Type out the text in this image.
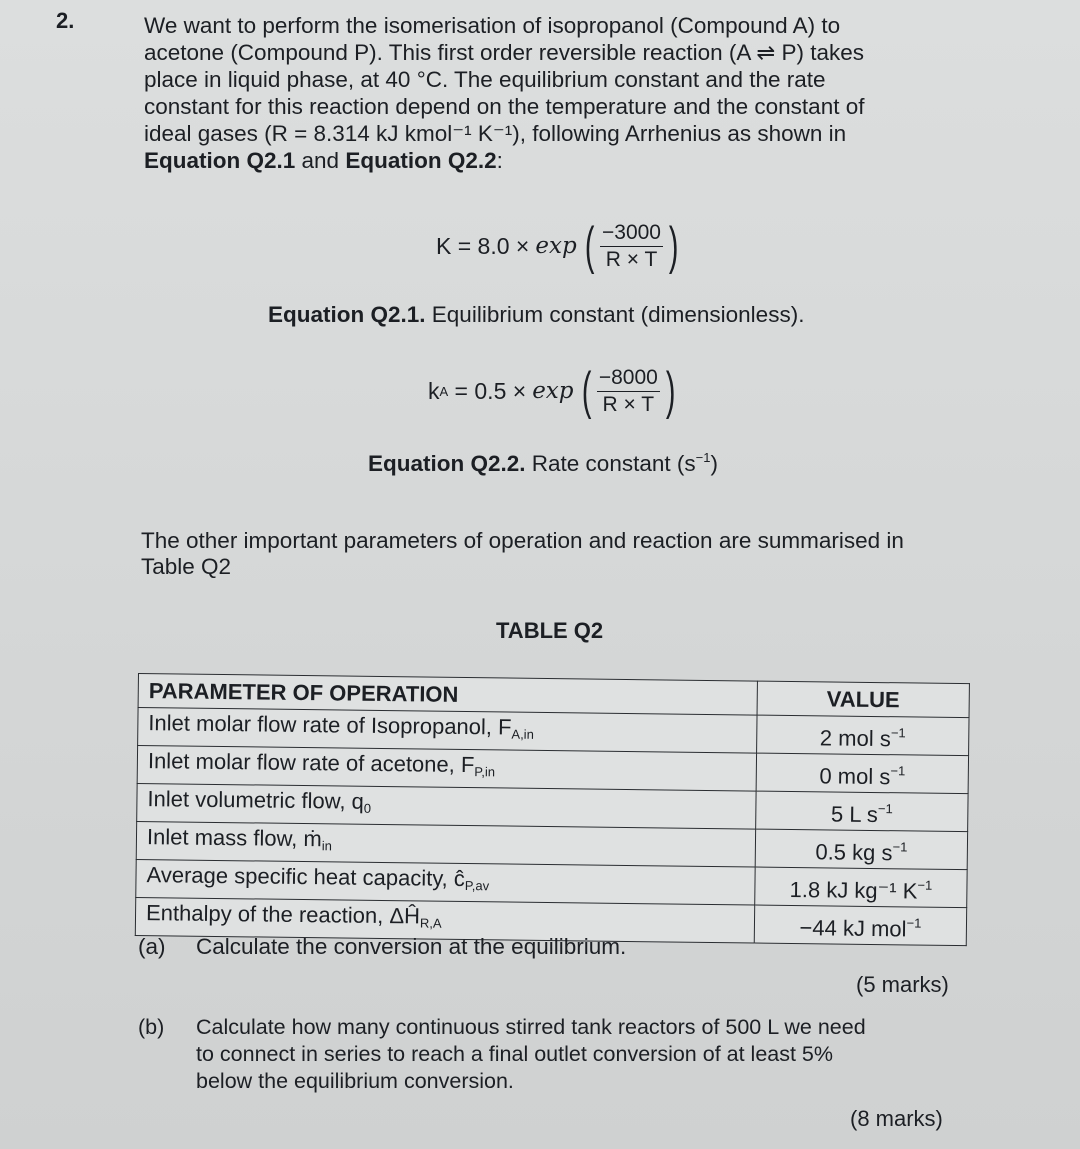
2.	We want to perform the isomerisation of isopropanol (Compound A) to
acetone (Compound P). This first order reversible reaction (A ⇌ P) takes
place in liquid phase, at 40 °C. The equilibrium constant and the rate
constant for this reaction depend on the temperature and the constant of
ideal gases (R = 8.314 kJ kmol⁻¹ K⁻¹), following Arrhenius as shown in
Equation Q2.1 and Equation Q2.2:
K = 8.0 × exp ( $\frac{-3000}{R \times T}$ )
Equation Q2.1. Equilibrium constant (dimensionless).
k A = 0.5 × exp ( $\frac{-8000}{R \times T}$ )
Equation Q2.2. Rate constant $(s^{-1})$
The other important parameters of operation and reaction are summarised in
Table Q2
TABLE Q2
PARAMETER OF OPERATION	VALUE
Inlet molar flow rate of Isopropanol, $F_{A,in}$	2 mol $s^{-1}$
Inlet molar flow rate of acetone, $F_{P,in}$	0 mol $s^{-1}$
Inlet volumetric flow, $q_0$	5 L $s^{-1}$
Inlet mass flow, ṁ$_{in}$	0.5 kg $s^{-1}$
Average specific heat capacity, $ĉ_{P,av}$	1.8 kJ kg⁻¹ $K^{-1}$
Enthalpy of the reaction, $\Delta Ĥ_{R,A}$	−44 kJ mol$^{-1}$
(a) Calculate the conversion at the equilibrium.
(5 marks)
(b)	Calculate how many continuous stirred tank reactors of 500 L we need
to connect in series to reach a final outlet conversion of at least 5%
below the equilibrium conversion.
(8 marks)
